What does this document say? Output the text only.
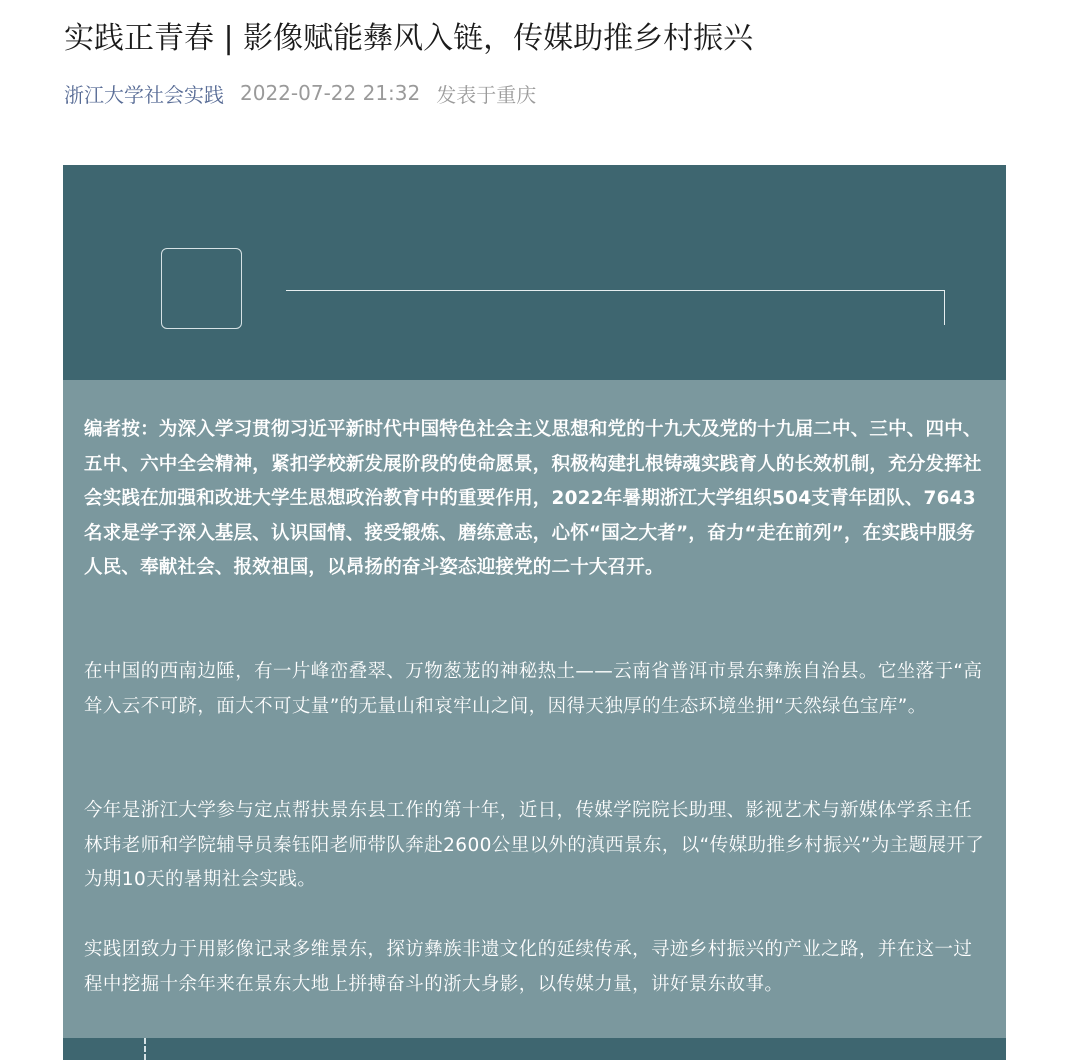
实践正青春 | 影像赋能彝风入链，传媒助推乡村振兴
浙江大学社会实践 2022-07-22 21:32 发表于重庆

编者按：为深入学习贯彻习近平新时代中国特色社会主义思想和党的十九大及党的十九届二中、三中、四中、五中、六中全会精神，紧扣学校新发展阶段的使命愿景，积极构建扎根铸魂实践育人的长效机制，充分发挥社会实践在加强和改进大学生思想政治教育中的重要作用，2022年暑期浙江大学组织504支青年团队、7643名求是学子深入基层、认识国情、接受锻炼、磨练意志，心怀“国之大者”，奋力“走在前列”，在实践中服务人民、奉献社会、报效祖国，以昂扬的奋斗姿态迎接党的二十大召开。

在中国的西南边陲，有一片峰峦叠翠、万物葱茏的神秘热土——云南省普洱市景东彝族自治县。它坐落于“高耸入云不可跻，面大不可丈量”的无量山和哀牢山之间，因得天独厚的生态环境坐拥“天然绿色宝库”。

今年是浙江大学参与定点帮扶景东县工作的第十年，近日，传媒学院院长助理、影视艺术与新媒体学系主任林玮老师和学院辅导员秦钰阳老师带队奔赴2600公里以外的滇西景东，以“传媒助推乡村振兴”为主题展开了为期10天的暑期社会实践。

实践团致力于用影像记录多维景东，探访彝族非遗文化的延续传承，寻迹乡村振兴的产业之路，并在这一过程中挖掘十余年来在景东大地上拼搏奋斗的浙大身影，以传媒力量，讲好景东故事。
